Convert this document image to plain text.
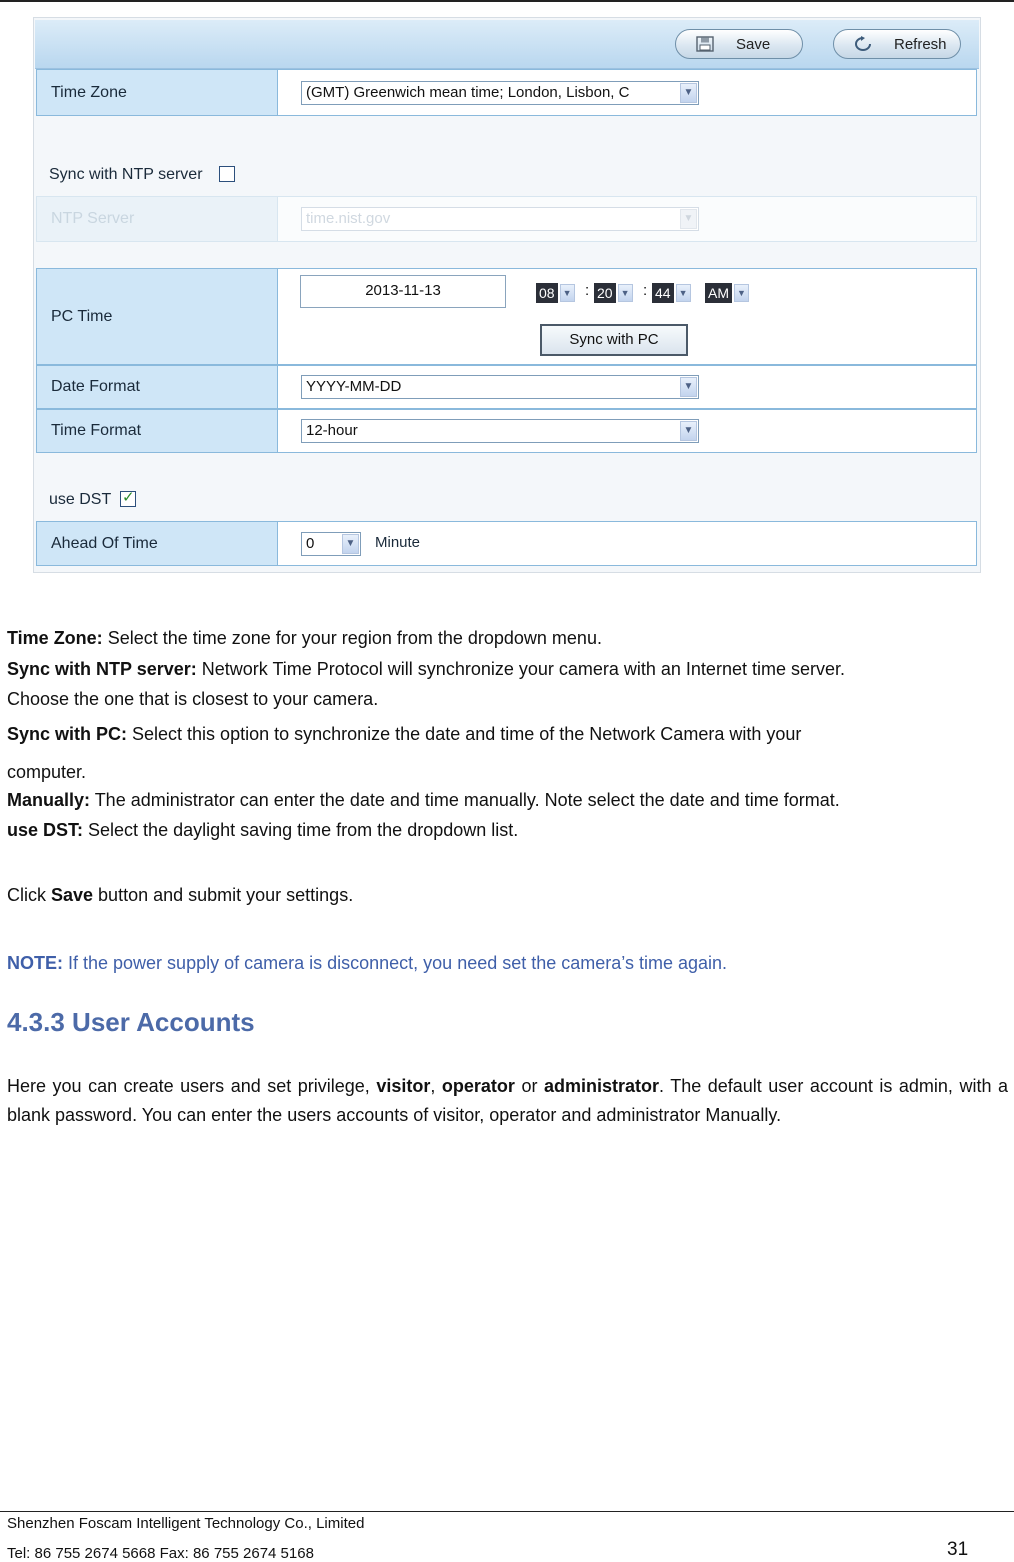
Save	Refresh
Time Zone	(GMT) Greenwich mean time; London, Lisbon, C	▼
Sync with NTP server
NTP Server	time.nist.gov	▼
PC Time
2013-11-13	08 ▼ : 20 ▼ : 44 ▼ AM ▼
Sync with PC
Date Format	YYYY-MM-DD	▼
Time Format	12-hour	▼
use DST ✓
Ahead Of Time	0	▼ Minute
Time Zone: Select the time zone for your region from the dropdown menu.
Sync with NTP server: Network Time Protocol will synchronize your camera with an Internet time server.
Choose the one that is closest to your camera.
Sync with PC: Select this option to synchronize the date and time of the Network Camera with your
computer.
Manually: The administrator can enter the date and time manually. Note select the date and time format.
use DST: Select the daylight saving time from the dropdown list.
Click Save button and submit your settings.
NOTE: If the power supply of camera is disconnect, you need set the camera’s time again.
4.3.3 User Accounts
Here you can create users and set privilege, visitor, operator or administrator. The default user account is admin, with a blank password. You can enter the users accounts of visitor, operator and administrator Manually.
Shenzhen Foscam Intelligent Technology Co., Limited
Tel: 86 755 2674 5668 Fax: 86 755 2674 5168	31
